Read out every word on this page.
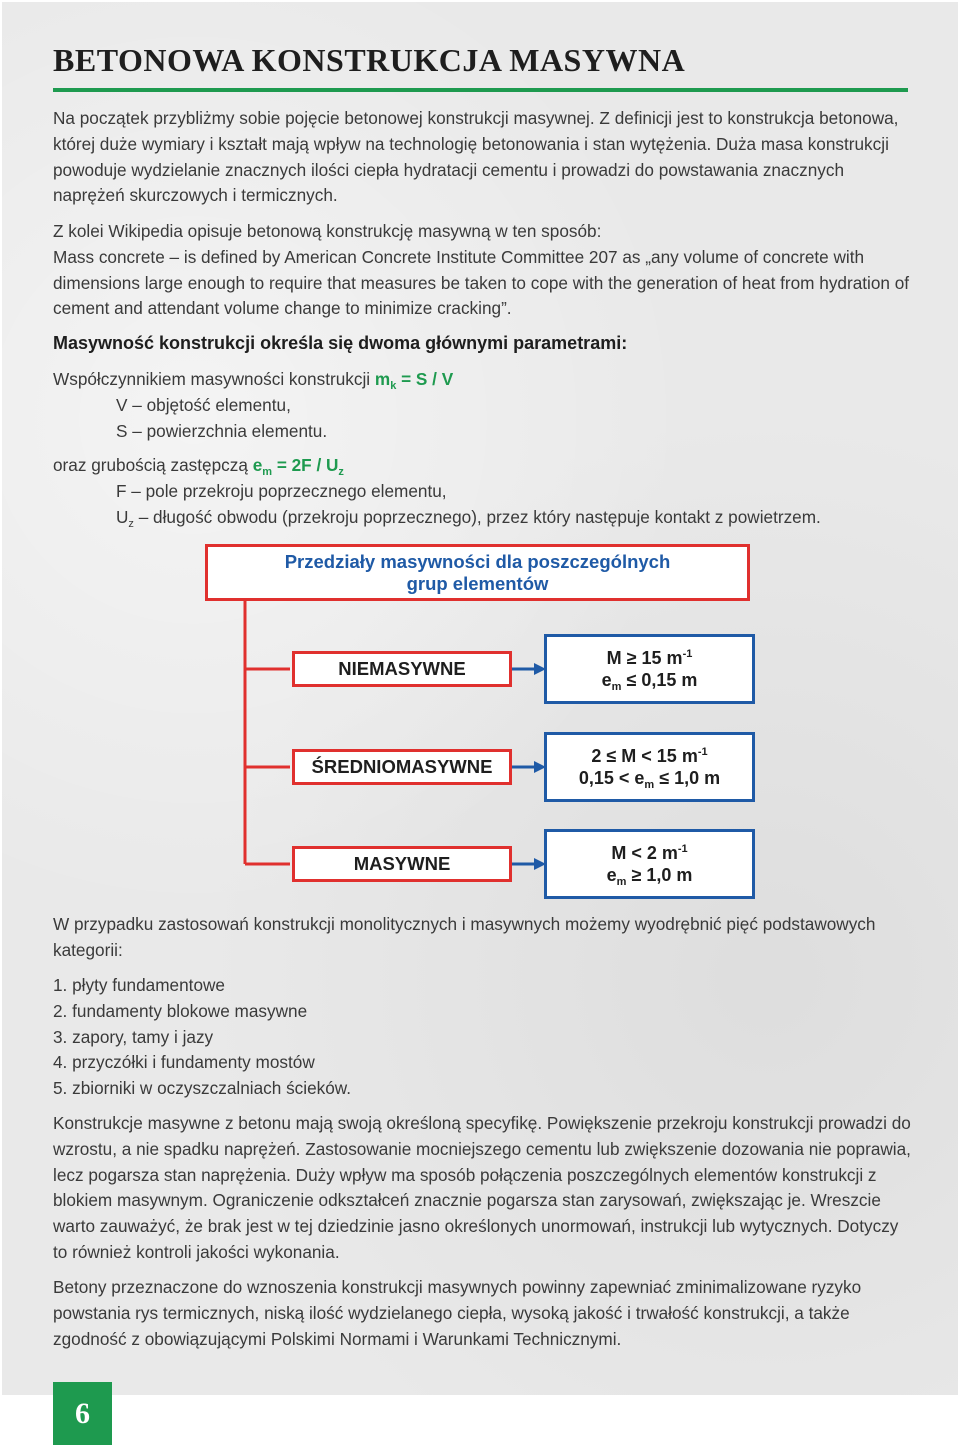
BETONOWA KONSTRUKCJA MASYWNA

Na początek przybliżmy sobie pojęcie betonowej konstrukcji masywnej. Z definicji jest to konstrukcja betonowa, której duże wymiary i kształt mają wpływ na technologię betonowania i stan wytężenia. Duża masa konstrukcji powoduje wydzielanie znacznych ilości ciepła hydratacji cementu i prowadzi do powstawania znacznych naprężeń skurczowych i termicznych.

Z kolei Wikipedia opisuje betonową konstrukcję masywną w ten sposób:

Mass concrete – is defined by American Concrete Institute Committee 207 as „any volume of concrete with dimensions large enough to require that measures be taken to cope with the generation of heat from hydration of cement and attendant volume change to minimize cracking”.

Masywność konstrukcji określa się dwoma głównymi parametrami:

Współczynnikiem masywności konstrukcji $m_k = S / V$

V – objętość elementu,

S – powierzchnia elementu.

oraz grubością zastępczą $e_m = 2F / U_z$

F – pole przekroju poprzecznego elementu,

$U_z$ – długość obwodu (przekroju poprzecznego), przez który następuje kontakt z powietrzem.

W przypadku zastosowań konstrukcji monolitycznych i masywnych możemy wyodrębnić pięć podstawowych kategorii:

1. płyty fundamentowe

2. fundamenty blokowe masywne

3. zapory, tamy i jazy

4. przyczółki i fundamenty mostów

5. zbiorniki w oczyszczalniach ścieków.

Konstrukcje masywne z betonu mają swoją określoną specyfikę. Powiększenie przekroju konstrukcji prowadzi do wzrostu, a nie spadku naprężeń. Zastosowanie mocniejszego cementu lub zwiększenie dozowania nie poprawia, lecz pogarsza stan naprężenia. Duży wpływ ma sposób połączenia poszczególnych elementów konstrukcji z blokiem masywnym. Ograniczenie odkształceń znacznie pogarsza stan zarysowań, zwiększając je. Wreszcie warto zauważyć, że brak jest w tej dziedzinie jasno określonych unormowań, instrukcji lub wytycznych. Dotyczy to również kontroli jakości wykonania.

Betony przeznaczone do wznoszenia konstrukcji masywnych powinny zapewniać zminimalizowane ryzyko powstania rys termicznych, niską ilość wydzielanego ciepła, wysoką jakość i trwałość konstrukcji, a także zgodność z obowiązującymi Polskimi Normami i Warunkami Technicznymi.

Przedziały masywności dla poszczególnych
grup elementów
NIEMASYWNE	M ≥ 15 $m^{-1}$
$e_m \le 0,15$ m
ŚREDNIOMASYWNE	2 ≤ M < 15 $m^{-1}$
$0,15 < e_m \le 1,0$ m
MASYWNE	M < 2 $m^{-1}$
$e_m \ge 1,0$ m
6
